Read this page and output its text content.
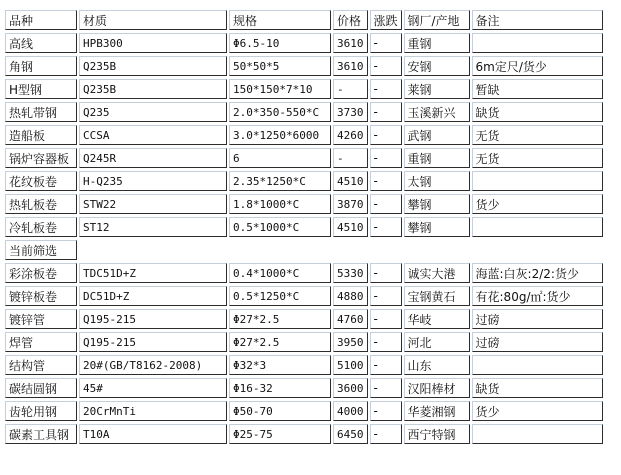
品种	材质	规格	价格	涨跌	钢厂/产地	备注
高线	HPB300	Φ6.5-10	3610	-	重钢	
角钢	Q235B	50*50*5	3610	-	安钢	6m定尺/货少
H型钢	Q235B	150*150*7*10	-	-	莱钢	暂缺
热轧带钢	Q235	2.0*350-550*C	3730	-	玉溪新兴	缺货
造船板	CCSA	3.0*1250*6000	4260	-	武钢	无货
锅炉容器板	Q245R	6	-	-	重钢	无货
花纹板卷	H-Q235	2.35*1250*C	4510	-	太钢	
热轧板卷	STW22	1.8*1000*C	3870	-	攀钢	货少
冷轧板卷	ST12	0.5*1000*C	4510	-	攀钢	
当前筛选						
彩涂板卷	TDC51D+Z	0.4*1000*C	5330	-	诚实大港	海蓝:白灰:2/2:货少
镀锌板卷	DC51D+Z	0.5*1250*C	4880	-	宝钢黄石	有花:80g/㎡:货少
镀锌管	Q195-215	Φ27*2.5	4760	-	华岐	过磅
焊管	Q195-215	Φ27*2.5	3950	-	河北	过磅
结构管	20#(GB/T8162-2008)	Φ32*3	5100	-	山东	
碳结圆钢	45#	Φ16-32	3600	-	汉阳棒材	缺货
齿轮用钢	20CrMnTi	Φ50-70	4000	-	华菱湘钢	货少
碳素工具钢	T10A	Φ25-75	6450	-	西宁特钢	
